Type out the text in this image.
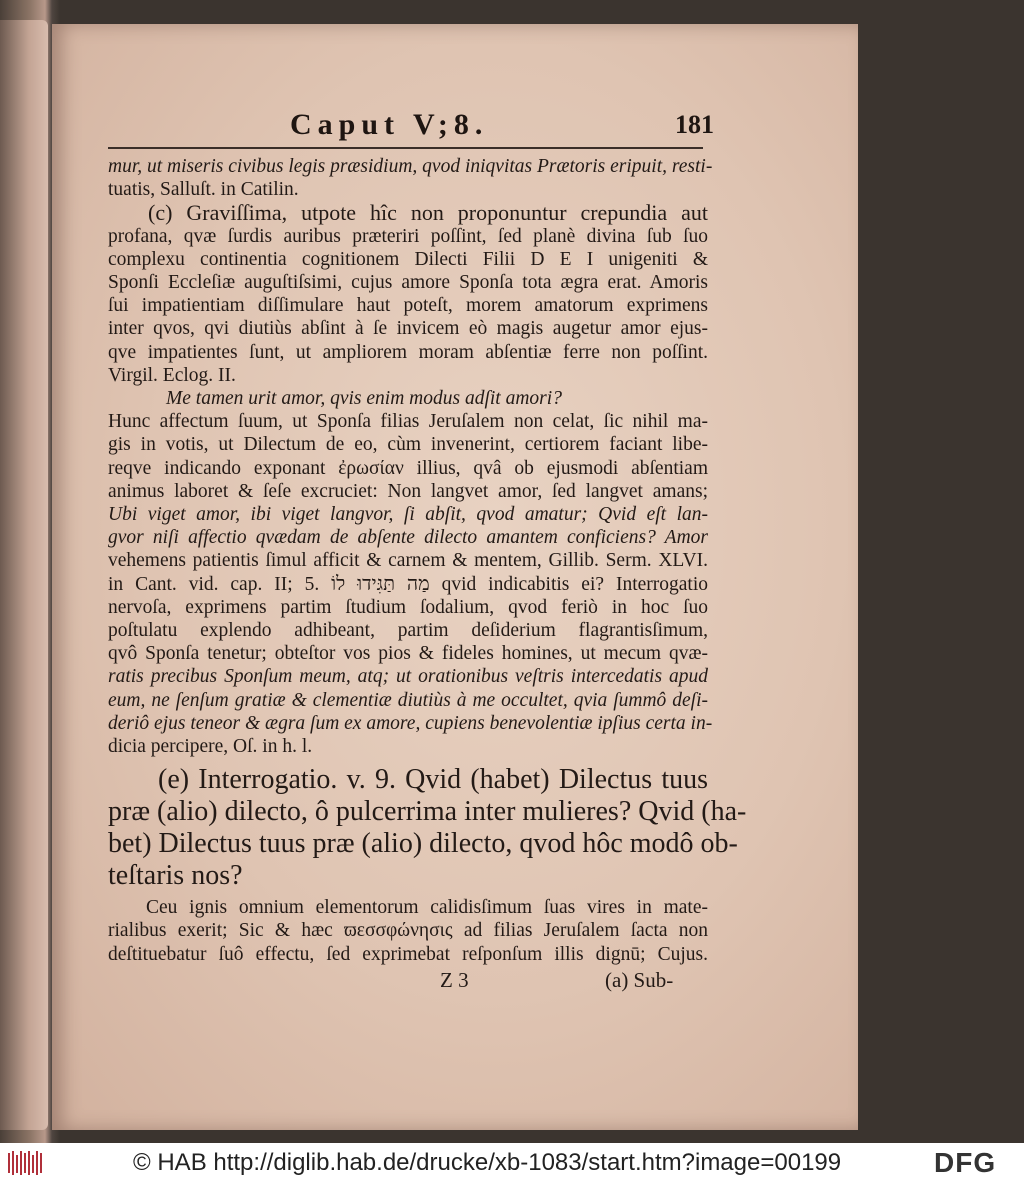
Caput V;8.	181
mur, ut miseris civibus legis præsidium, qvod iniqvitas Prætoris eripuit, resti-
tuatis, Salluſt. in Catilin.
(c) Graviſſima, utpote hîc non proponuntur crepundia aut
profana, qvæ ſurdis auribus præteriri poſſint, ſed planè divina ſub ſuo
complexu continentia cognitionem Dilecti Filii D E I unigeniti &
Sponſi Eccleſiæ auguſtiſsimi, cujus amore Sponſa tota ægra erat. Amoris
ſui impatientiam diſſimulare haut poteſt, morem amatorum exprimens
inter qvos, qvi diutiùs abſint à ſe invicem eò magis augetur amor ejus-
qve impatientes ſunt, ut ampliorem moram abſentiæ ferre non poſſint.
Virgil. Eclog. II.
Me tamen urit amor, qvis enim modus adſit amori?
Hunc affectum ſuum, ut Sponſa filias Jeruſalem non celat, ſic nihil ma-
gis in votis, ut Dilectum de eo, cùm invenerint, certiorem faciant libe-
reqve indicando exponant ἐρωσίαν illius, qvâ ob ejusmodi abſentiam
animus laboret & ſeſe excruciet: Non langvet amor, ſed langvet amans;
Ubi viget amor, ibi viget langvor, ſi abſit, qvod amatur; Qvid eſt lan-
gvor niſi affectio qvædam de abſente dilecto amantem conficiens? Amor
vehemens patientis ſimul afficit & carnem & mentem, Gillib. Serm. XLVI.
in Cant. vid. cap. II; 5. מַה תַּגִּידוּ לוֹ qvid indicabitis ei? Interrogatio
nervoſa, exprimens partim ſtudium ſodalium, qvod feriò in hoc ſuo
poſtulatu explendo adhibeant, partim deſiderium flagrantisſimum,
qvô Sponſa tenetur; obteſtor vos pios & fideles homines, ut mecum qvæ-
ratis precibus Sponſum meum, atq; ut orationibus veſtris intercedatis apud
eum, ne ſenſum gratiæ & clementiæ diutiùs à me occultet, qvia ſummô deſi-
deriô ejus teneor & ægra ſum ex amore, cupiens benevolentiæ ipſius certa in-
dicia percipere, Oſ. in h. l.
(e) Interrogatio. v. 9. Qvid (habet) Dilectus tuus
præ (alio) dilecto, ô pulcerrima inter mulieres? Qvid (ha-
bet) Dilectus tuus præ (alio) dilecto, qvod hôc modô ob-
teſtaris nos?
Ceu ignis omnium elementorum calidisſimum ſuas vires in mate-
rialibus exerit; Sic & hæc ϖεσσφώνησις ad filias Jeruſalem ſacta non
deſtituebatur ſuô effectu, ſed exprimebat reſponſum illis dignū; Cujus.
Z 3	(a) Sub-
© HAB http://diglib.hab.de/drucke/xb-1083/start.htm?image=00199	DFG
